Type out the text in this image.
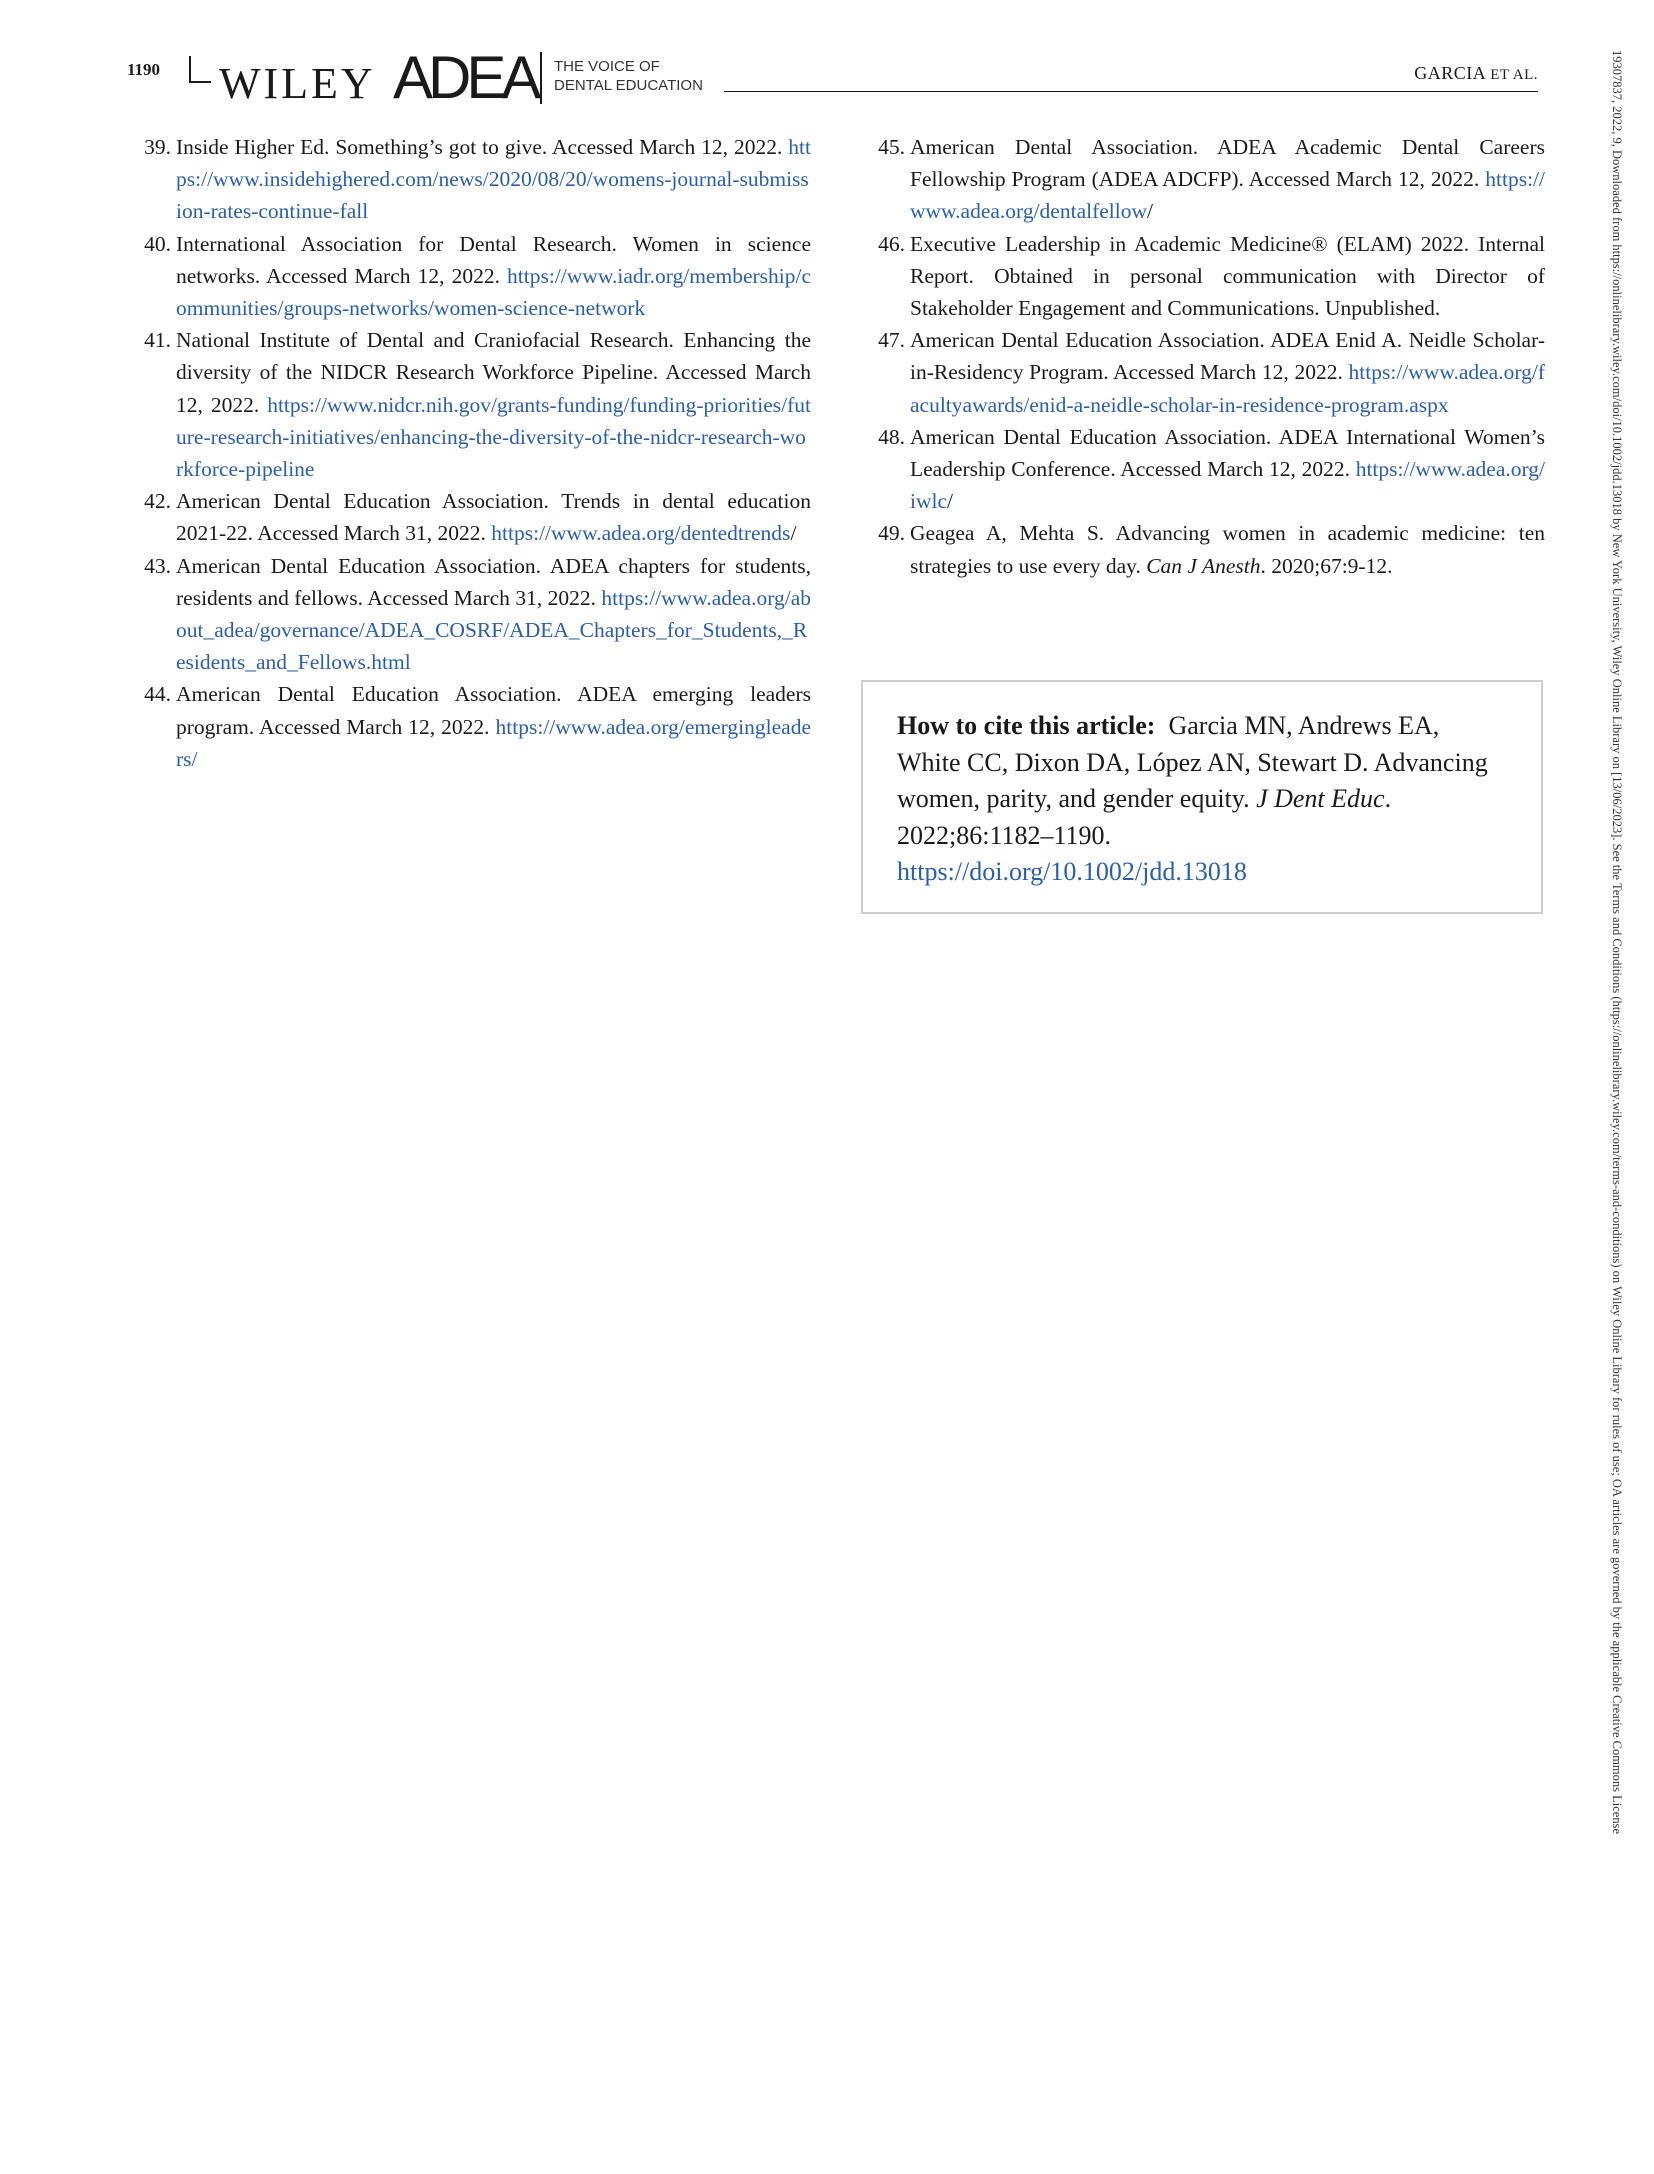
1190 WILEY ADEA THE VOICE OF
DENTAL EDUCATION
GARCIA ET AL.
39. Inside Higher Ed. Something’s got to give. Accessed March 12, 2022. https://www.insidehighered.com/news/2020/08/20/womens-journal-submission-rates-continue-fall
40. International Association for Dental Research. Women in science networks. Accessed March 12, 2022. https://www.iadr.org/membership/communities/groups-networks/women-science-network
41. National Institute of Dental and Craniofacial Research. Enhancing the diversity of the NIDCR Research Workforce Pipeline. Accessed March 12, 2022. https://www.nidcr.nih.gov/grants-funding/funding-priorities/future-research-initiatives/enhancing-the-diversity-of-the-nidcr-research-workforce-pipeline
42. American Dental Education Association. Trends in dental education 2021-22. Accessed March 31, 2022. https://www.adea.org/dentedtrends/
43. American Dental Education Association. ADEA chapters for students, residents and fellows. Accessed March 31, 2022. https://www.adea.org/about_adea/governance/ADEA_COSRF/ADEA_Chapters_for_Students,_Residents_and_Fellows.html
44. American Dental Education Association. ADEA emerging leaders program. Accessed March 12, 2022. https://www.adea.org/emergingleaders/
45. American Dental Association. ADEA Academic Dental Careers Fellowship Program (ADEA ADCFP). Accessed March 12, 2022. https://www.adea.org/dentalfellow/
46. Executive Leadership in Academic Medicine® (ELAM) 2022. Internal Report. Obtained in personal communication with Director of Stakeholder Engagement and Communications. Unpublished.
47. American Dental Education Association. ADEA Enid A. Neidle Scholar-in-Residency Program. Accessed March 12, 2022. https://www.adea.org/facultyawards/enid-a-neidle-scholar-in-residence-program.aspx
48. American Dental Education Association. ADEA International Women’s Leadership Conference. Accessed March 12, 2022. https://www.adea.org/iwlc/
49. Geagea A, Mehta S. Advancing women in academic medicine: ten strategies to use every day. Can J Anesth. 2020;67:9-12.
How to cite this article: Garcia MN, Andrews EA, White CC, Dixon DA, López AN, Stewart D. Advancing women, parity, and gender equity. J Dent Educ. 2022;86:1182–1190.
https://doi.org/10.1002/jdd.13018	19307837, 2022, 9, Downloaded from https://onlinelibrary.wiley.com/doi/10.1002/jdd.13018 by New York University, Wiley Online Library on [13/06/2023]. See the Terms and Conditions (https://onlinelibrary.wiley.com/terms-and-conditions) on Wiley Online Library for rules of use; OA articles are governed by the applicable Creative Commons License
